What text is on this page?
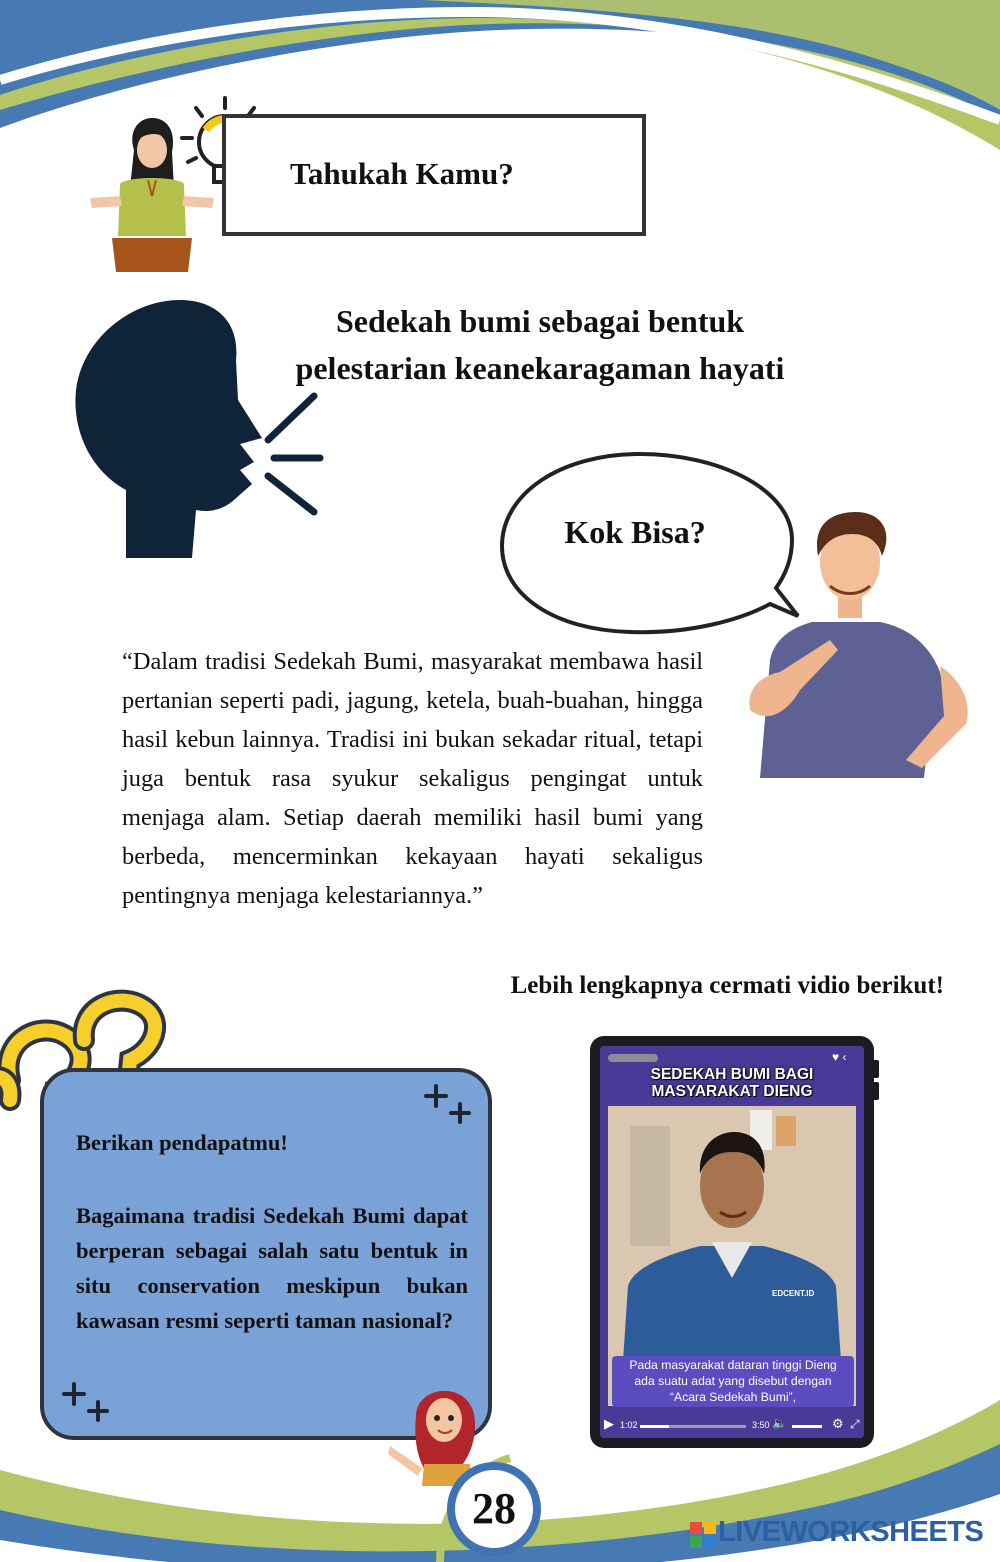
Tahukah Kamu?
Sedekah bumi sebagai bentuk
pelestarian keanekaragaman hayati
Kok Bisa?
“Dalam tradisi Sedekah Bumi, masyarakat membawa hasil pertanian seperti padi, jagung, ketela, buah-buahan, hingga hasil kebun lainnya. Tradisi ini bukan sekadar ritual, tetapi juga bentuk rasa syukur sekaligus pengingat untuk menjaga alam. Setiap daerah memiliki hasil bumi yang berbeda, mencerminkan kekayaan hayati sekaligus pentingnya menjaga kelestariannya.”
Lebih lengkapnya cermati vidio berikut!
Berikan pendapatmu!
Bagaimana tradisi Sedekah Bumi dapat berperan sebagai salah satu bentuk in situ conservation meskipun bukan kawasan resmi seperti taman nasional?
EDCENT.ID
♥ ‹
SEDEKAH BUMI BAGI
MASYARAKAT DIENG
Pada masyarakat dataran tinggi Dieng
ada suatu adat yang disebut dengan
“Acara Sedekah Bumi”,
▶ 1:02	3:50 🔈	⚙ ⤢
28	LIVEWORKSHEETS
